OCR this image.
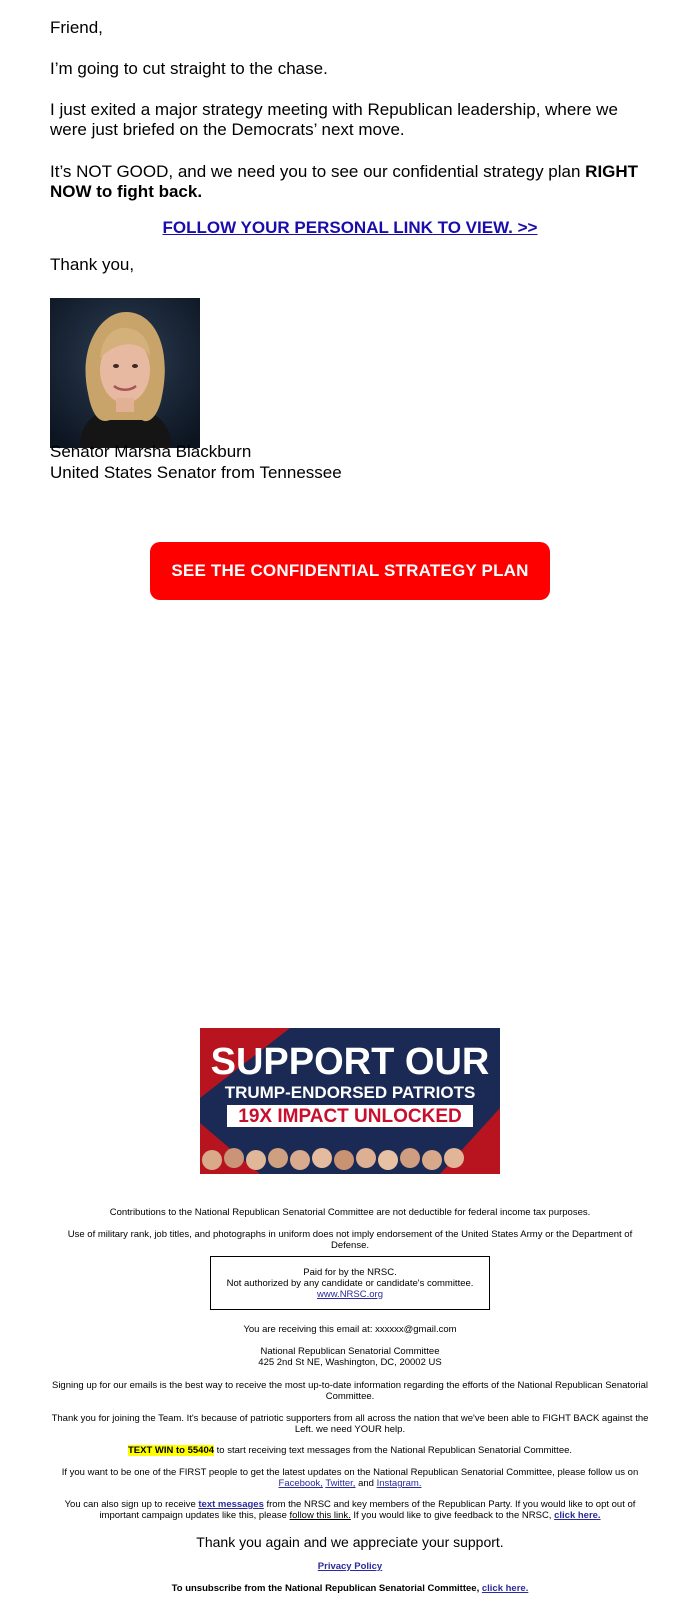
Friend,

I’m going to cut straight to the chase.

I just exited a major strategy meeting with Republican leadership, where we were just briefed on the Democrats’ next move.

It’s NOT GOOD, and we need you to see our confidential strategy plan RIGHT NOW to fight back.

FOLLOW YOUR PERSONAL LINK TO VIEW. >>

Thank you,

Senator Marsha Blackburn

United States Senator from Tennessee

SEE THE CONFIDENTIAL STRATEGY PLAN
SUPPORT OUR
TRUMP-ENDORSED PATRIOTS
19X IMPACT UNLOCKED

Contributions to the National Republican Senatorial Committee are not deductible for federal income tax purposes.

Use of military rank, job titles, and photographs in uniform does not imply endorsement of the United States Army or the Department of Defense.

Paid for by the NRSC.
Not authorized by any candidate or candidate's committee.
www.NRSC.org

You are receiving this email at: xxxxxx@gmail.com

National Republican Senatorial Committee

425 2nd St NE, Washington, DC, 20002 US

Signing up for our emails is the best way to receive the most up-to-date information regarding the efforts of the National Republican Senatorial Committee.

Thank you for joining the Team. It's because of patriotic supporters from all across the nation that we've been able to FIGHT BACK against the Left. we need YOUR help.

TEXT WIN to 55404 to start receiving text messages from the National Republican Senatorial Committee.

If you want to be one of the FIRST people to get the latest updates on the National Republican Senatorial Committee, please follow us on Facebook, Twitter, and Instagram.

You can also sign up to receive text messages from the NRSC and key members of the Republican Party. If you would like to opt out of important campaign updates like this, please follow this link. If you would like to give feedback to the NRSC, click here.

Thank you again and we appreciate your support.

Privacy Policy

To unsubscribe from the National Republican Senatorial Committee, click here.
